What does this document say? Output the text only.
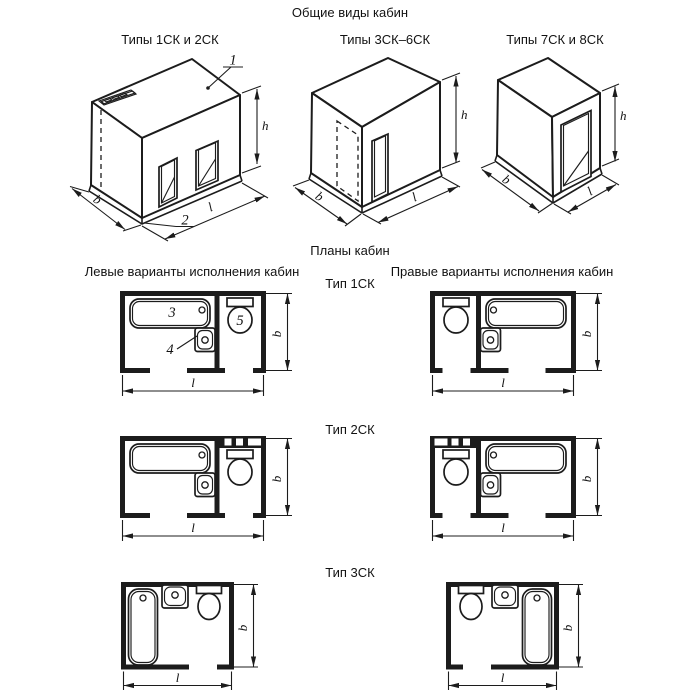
Общие виды кабин
Типы 1СК и 2СК	Типы 3СК–6СК	Типы 7СК и 8СК
Планы кабин
Левые варианты исполнения кабин	Правые варианты исполнения кабин
Тип 1СК
Тип 2СК
Тип 3СК
1
2
h
b	l
h
b	l
h
b
l
3
4
5
b
l
b
l
b
l
b
l
b
l
b
l
